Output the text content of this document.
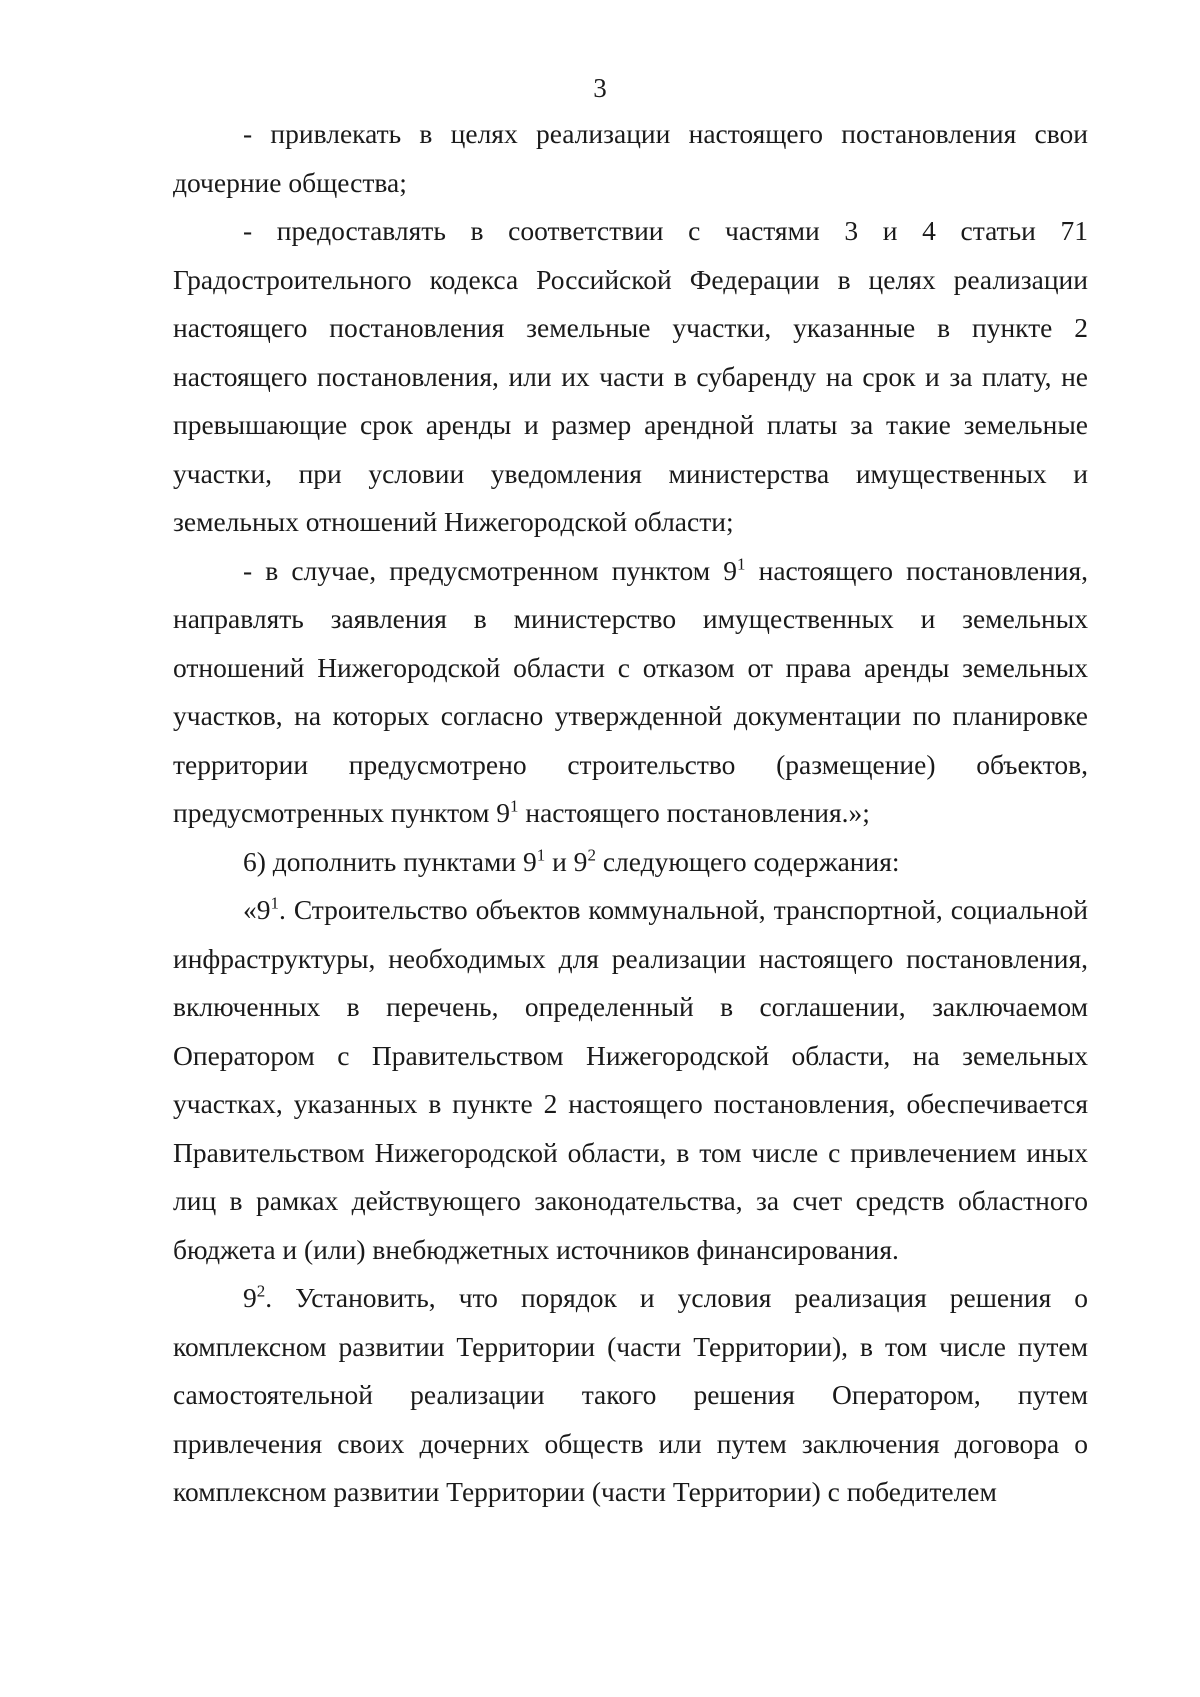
3

- привлекать в целях реализации настоящего постановления свои дочерние общества;

- предоставлять в соответствии с частями 3 и 4 статьи 71 Градостроительного кодекса Российской Федерации в целях реализации настоящего постановления земельные участки, указанные в пункте 2 настоящего постановления, или их части в субаренду на срок и за плату, не превышающие срок аренды и размер арендной платы за такие земельные участки, при условии уведомления министерства имущественных и земельных отношений Нижегородской области;

- в случае, предусмотренном пунктом $9^1$ настоящего постановления, направлять заявления в министерство имущественных и земельных отношений Нижегородской области с отказом от права аренды земельных участков, на которых согласно утвержденной документации по планировке территории предусмотрено строительство (размещение) объектов, предусмотренных пунктом $9^1$ настоящего постановления.»;

6) дополнить пунктами $9^1$ и $9^2$ следующего содержания:

«$9^1$. Строительство объектов коммунальной, транспортной, социальной инфраструктуры, необходимых для реализации настоящего постановления, включенных в перечень, определенный в соглашении, заключаемом Оператором с Правительством Нижегородской области, на земельных участках, указанных в пункте 2 настоящего постановления, обеспечивается Правительством Нижегородской области, в том числе с привлечением иных лиц в рамках действующего законодательства, за счет средств областного бюджета и (или) внебюджетных источников финансирования.

$9^2$. Установить, что порядок и условия реализация решения о комплексном развитии Территории (части Территории), в том числе путем самостоятельной реализации такого решения Оператором, путем привлечения своих дочерних обществ или путем заключения договора о комплексном развитии Территории (части Территории) с победителем
